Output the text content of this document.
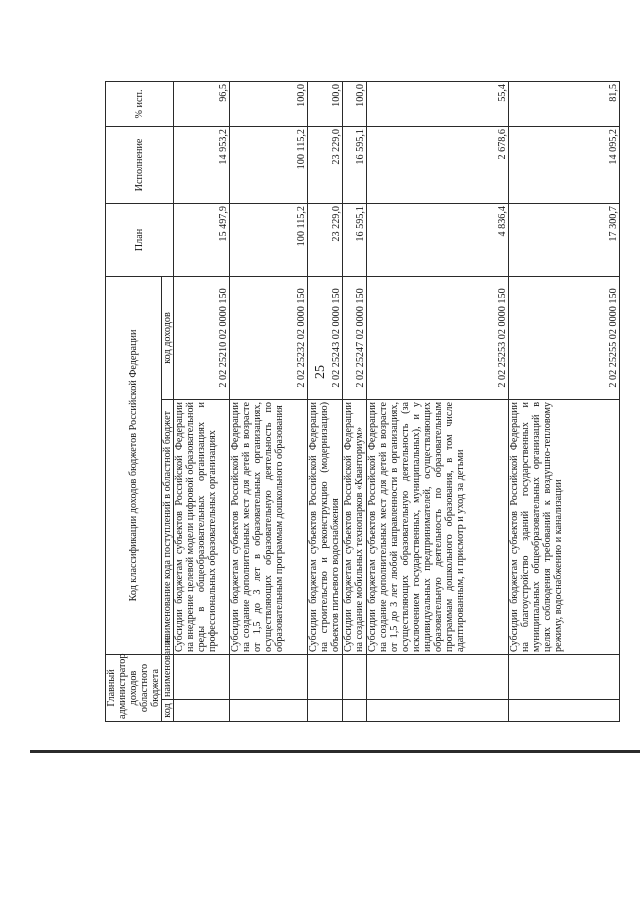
25
Главный администратор доходов областного бюджета		Код классификации доходов бюджетов Российской Федерации		План	Исполнение	% исп.
код	наименование	наименование кода поступлений в областной бюджет	код доходов			
		Субсидии бюджетам субъектов Российской Федерации на внедрение целевой модели цифровой образовательной среды в общеобразовательных организациях и профессиональных образовательных организациях	2 02 25210 02 0000 150	15 497,9	14 953,2	96,5
		Субсидии бюджетам субъектов Российской Федерации на создание дополнительных мест для детей в возрасте от 1,5 до 3 лет в образовательных организациях, осуществляющих образовательную деятельность по образовательным программам дошкольного образования	2 02 25232 02 0000 150	100 115,2	100 115,2	100,0
		Субсидии бюджетам субъектов Российской Федерации на строительство и реконструкцию (модернизацию) объектов питьевого водоснабжения	2 02 25243 02 0000 150	23 229,0	23 229,0	100,0
		Субсидии бюджетам субъектов Российской Федерации на создание мобильных технопарков «Кванториум»	2 02 25247 02 0000 150	16 595,1	16 595,1	100,0
		Субсидии бюджетам субъектов Российской Федерации на создание дополнительных мест для детей в возрасте от 1,5 до 3 лет любой направленности в организациях, осуществляющих образовательную деятельность (за исключением государственных, муниципальных), и у индивидуальных предпринимателей, осуществляющих образовательную деятельность по образовательным программам дошкольного образования, в том числе адаптированным, и присмотр и уход за детьми	2 02 25253 02 0000 150	4 836,4	2 678,6	55,4
		Субсидии бюджетам субъектов Российской Федерации на благоустройство зданий государственных и муниципальных общеобразовательных организаций в целях соблюдения требований к воздушно-тепловому режиму, водоснабжению и канализации	2 02 25255 02 0000 150	17 300,7	14 095,2	81,5
